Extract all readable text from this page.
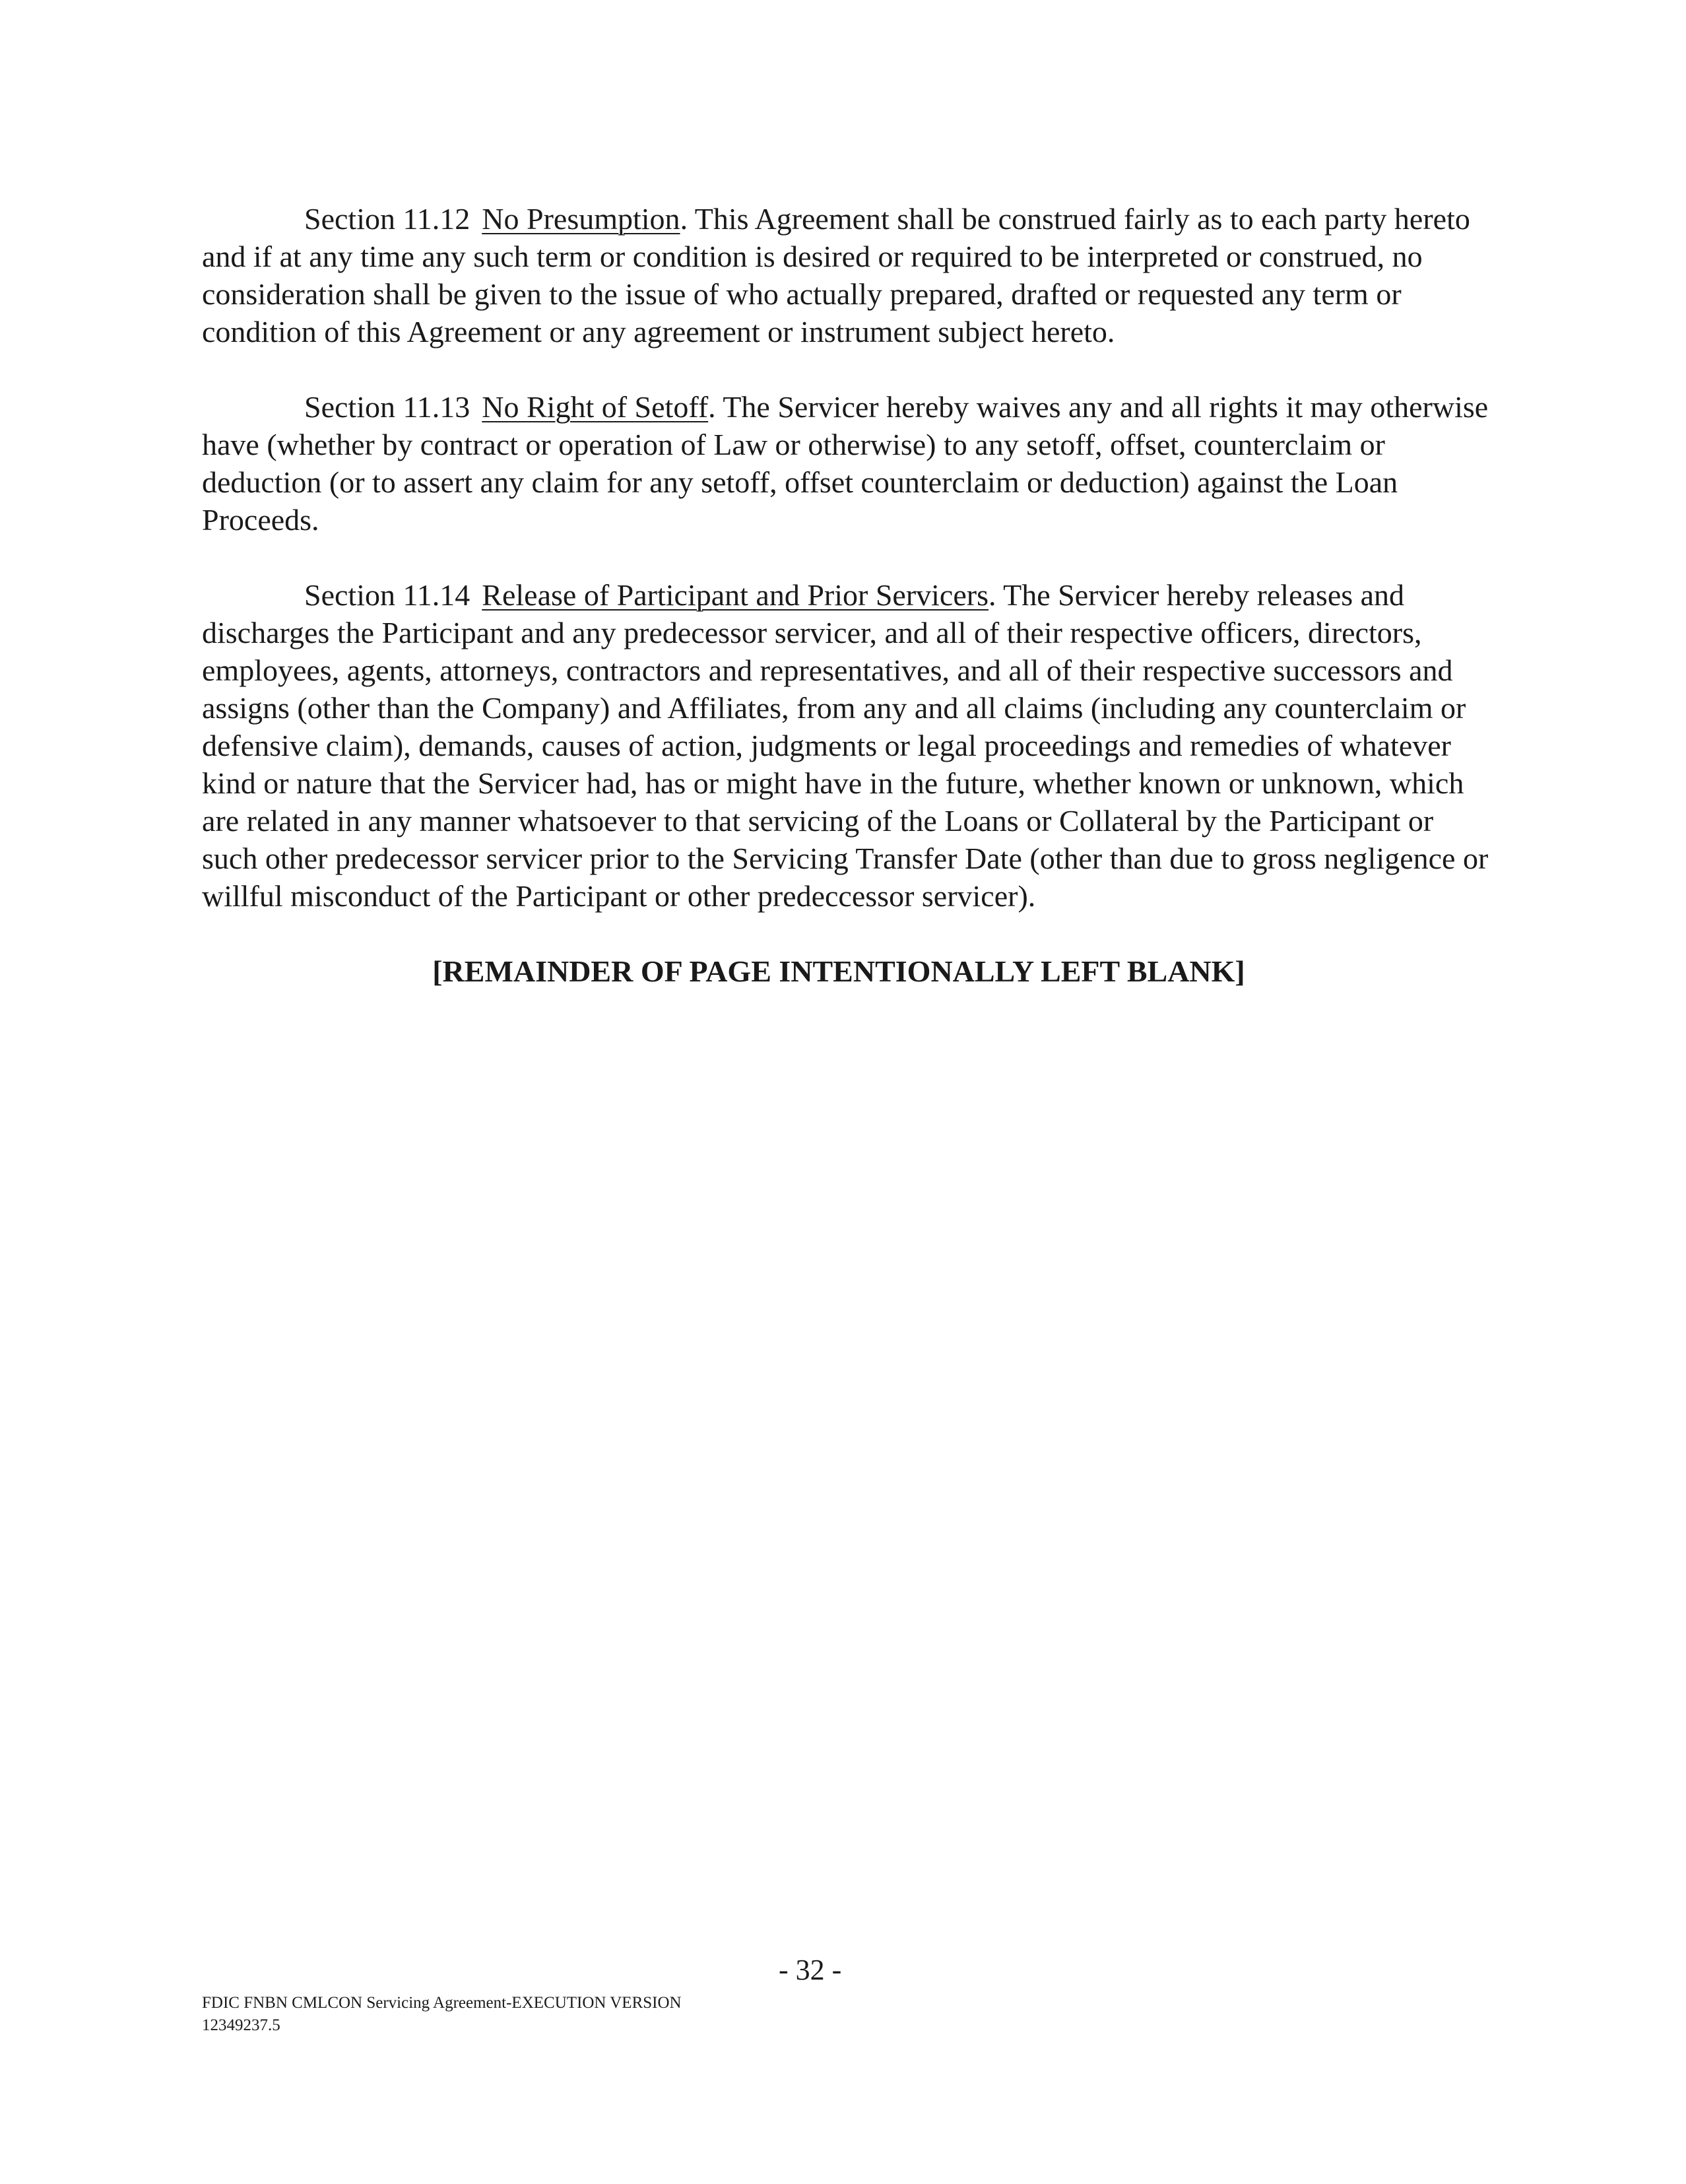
Section 11.12 No Presumption. This Agreement shall be construed fairly as to each party hereto and if at any time any such term or condition is desired or required to be interpreted or construed, no consideration shall be given to the issue of who actually prepared, drafted or requested any term or condition of this Agreement or any agreement or instrument subject hereto.

Section 11.13 No Right of Setoff. The Servicer hereby waives any and all rights it may otherwise have (whether by contract or operation of Law or otherwise) to any setoff, offset, counterclaim or deduction (or to assert any claim for any setoff, offset counterclaim or deduction) against the Loan Proceeds.

Section 11.14 Release of Participant and Prior Servicers. The Servicer hereby releases and discharges the Participant and any predecessor servicer, and all of their respective officers, directors, employees, agents, attorneys, contractors and representatives, and all of their respective successors and assigns (other than the Company) and Affiliates, from any and all claims (including any counterclaim or defensive claim), demands, causes of action, judgments or legal proceedings and remedies of whatever kind or nature that the Servicer had, has or might have in the future, whether known or unknown, which are related in any manner whatsoever to that servicing of the Loans or Collateral by the Participant or such other predecessor servicer prior to the Servicing Transfer Date (other than due to gross negligence or willful misconduct of the Participant or other predeccessor servicer).

[REMAINDER OF PAGE INTENTIONALLY LEFT BLANK]

- 32 -
FDIC FNBN CMLCON Servicing Agreement-EXECUTION VERSION
12349237.5
